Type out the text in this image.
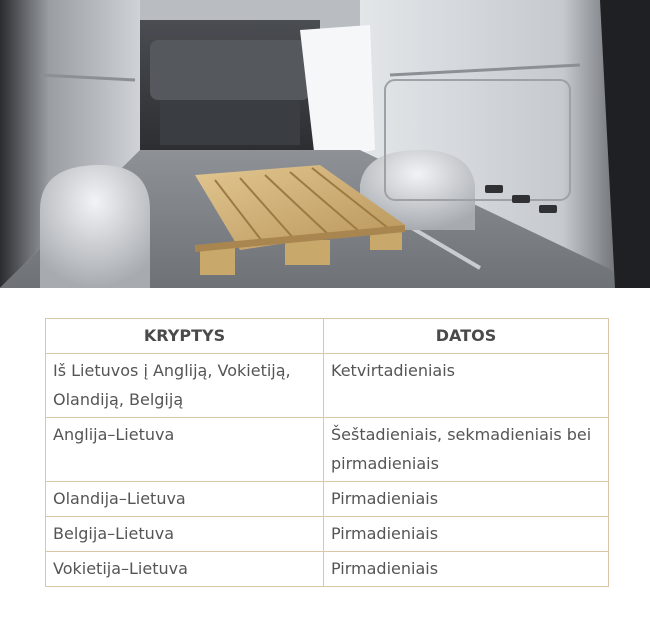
KRYPTYS	DATOS
Iš Lietuvos į Angliją, Vokietiją, Olandiją, Belgiją	Ketvirtadieniais
Anglija–Lietuva	Šeštadieniais, sekmadieniais bei pirmadieniais
Olandija–Lietuva	Pirmadieniais
Belgija–Lietuva	Pirmadieniais
Vokietija–Lietuva	Pirmadieniais
